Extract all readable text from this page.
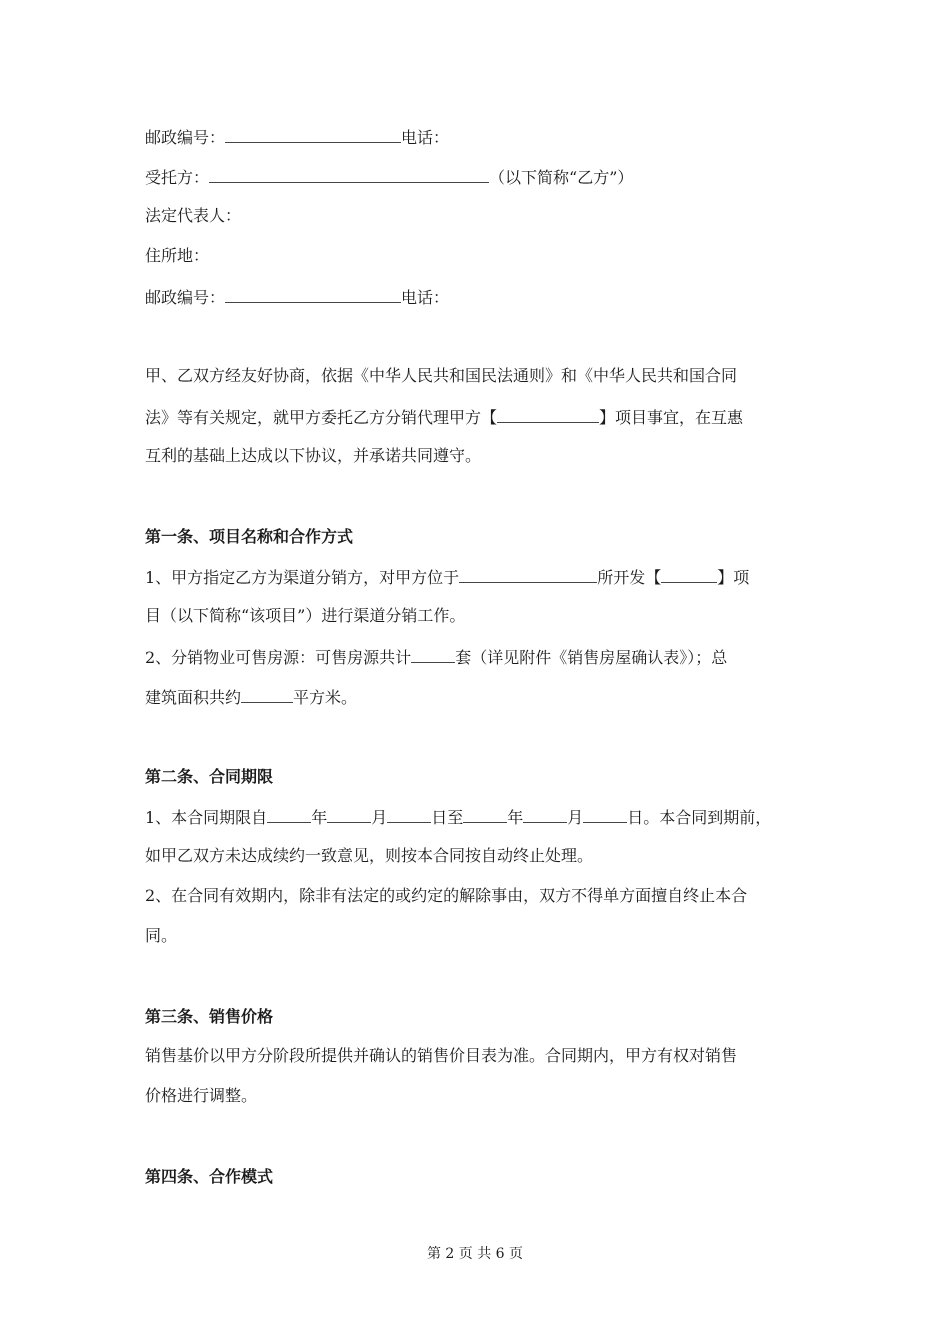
邮政编号：	电话：
受托方：	（以下简称“乙方”）
法定代表人：
住所地：
邮政编号：	电话：
甲、乙双方经友好协商，依据《中华人民共和国民法通则》和《中华人民共和国合同
法》等有关规定，就甲方委托乙方分销代理甲方【	】项目事宜，在互惠
互利的基础上达成以下协议，并承诺共同遵守。
第一条、项目名称和合作方式
1、甲方指定乙方为渠道分销方，对甲方位于	所开发【	】项
目（以下简称“该项目”）进行渠道分销工作。
2、分销物业可售房源：可售房源共计	套（详见附件《销售房屋确认表》）；总
建筑面积共约	平方米。
第二条、合同期限
1、本合同期限自	年	月	日至	年	月	日。本合同到期前，
如甲乙双方未达成续约一致意见，则按本合同按自动终止处理。
2、在合同有效期内，除非有法定的或约定的解除事由，双方不得单方面擅自终止本合
同。
第三条、销售价格
销售基价以甲方分阶段所提供并确认的销售价目表为准。合同期内，甲方有权对销售
价格进行调整。
第四条、合作模式
第 2 页 共 6 页
